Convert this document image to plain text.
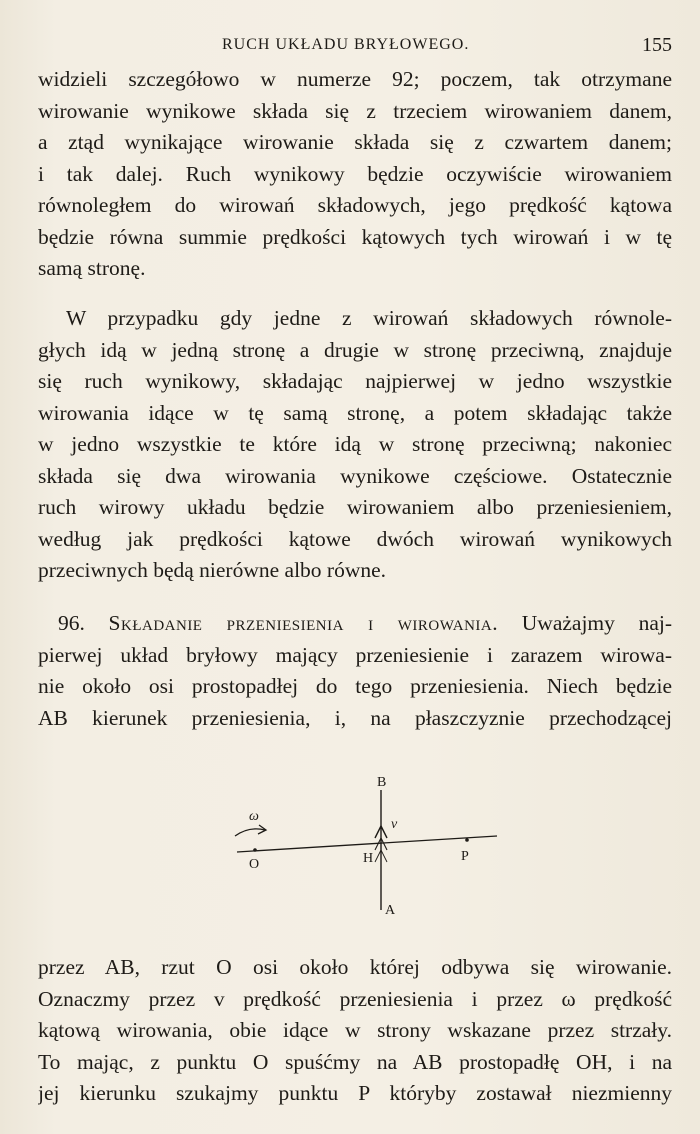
RUCH UKŁADU BRYŁOWEGO.	155
widzieli szczegółowo w numerze 92; poczem, tak otrzymane
wirowanie wynikowe składa się z trzeciem wirowaniem danem,
a ztąd wynikające wirowanie składa się z czwartem danem;
i tak dalej. Ruch wynikowy będzie oczywiście wirowaniem
równoległem do wirowań składowych, jego prędkość kątowa
będzie równa summie prędkości kątowych tych wirowań i w tę
samą stronę.
W przypadku gdy jedne z wirowań składowych równole-
głych idą w jedną stronę a drugie w stronę przeciwną, znajduje
się ruch wynikowy, składając najpierwej w jedno wszystkie
wirowania idące w tę samą stronę, a potem składając także
w jedno wszystkie te które idą w stronę przeciwną; nakoniec
składa się dwa wirowania wynikowe częściowe. Ostatecznie
ruch wirowy układu będzie wirowaniem albo przeniesieniem,
według jak prędkości kątowe dwóch wirowań wynikowych
przeciwnych będą nierówne albo równe.
96. Składanie przeniesienia i wirowania. Uważajmy naj-
pierwej układ bryłowy mający przeniesienie i zarazem wirowa-
nie około osi prostopadłej do tego przeniesienia. Niech będzie
AB kierunek przeniesienia, i, na płaszczyznie przechodzącej
B
A
O	H	P
ω
v
przez AB, rzut O osi około której odbywa się wirowanie.
Oznaczmy przez v prędkość przeniesienia i przez ω prędkość
kątową wirowania, obie idące w strony wskazane przez strzały.
To mając, z punktu O spuśćmy na AB prostopadłę OH, i na
jej kierunku szukajmy punktu P któryby zostawał niezmienny
